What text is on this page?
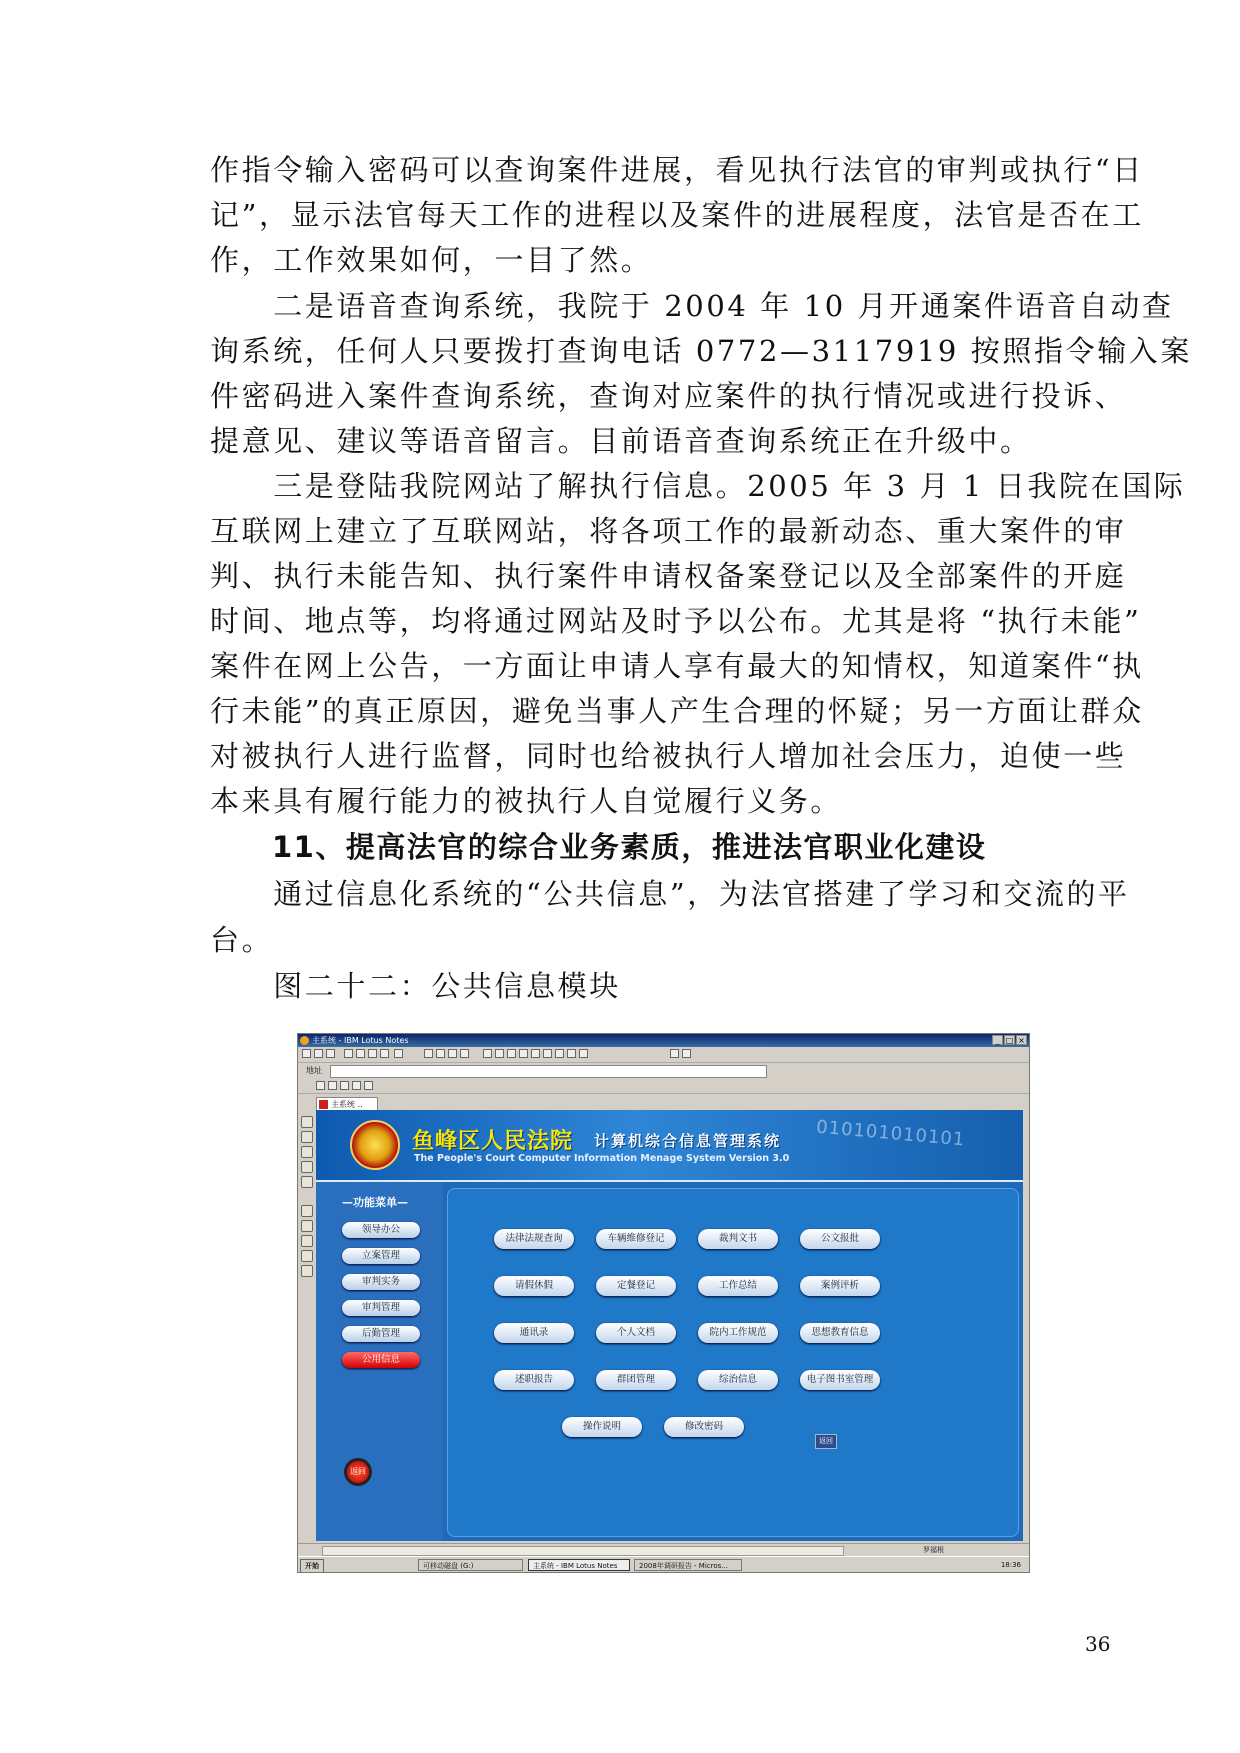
作指令输入密码可以查询案件进展，看见执行法官的审判或执行“日
记”，显示法官每天工作的进程以及案件的进展程度，法官是否在工
作，工作效果如何，一目了然。
　　二是语音查询系统，我院于 2004 年 10 月开通案件语音自动查
询系统，任何人只要拨打查询电话 0772—3117919 按照指令输入案
件密码进入案件查询系统，查询对应案件的执行情况或进行投诉、
提意见、建议等语音留言。目前语音查询系统正在升级中。
　　三是登陆我院网站了解执行信息。2005 年 3 月 1 日我院在国际
互联网上建立了互联网站，将各项工作的最新动态、重大案件的审
判、执行未能告知、执行案件申请权备案登记以及全部案件的开庭
时间、地点等，均将通过网站及时予以公布。尤其是将 “执行未能”
案件在网上公告，一方面让申请人享有最大的知情权，知道案件“执
行未能”的真正原因，避免当事人产生合理的怀疑；另一方面让群众
对被执行人进行监督，同时也给被执行人增加社会压力，迫使一些
本来具有履行能力的被执行人自觉履行义务。
11、提高法官的综合业务素质，推进法官职业化建设
　　通过信息化系统的“公共信息”，为法官搭建了学习和交流的平
台。
　　图二十二：公共信息模块
主系统 - IBM Lotus Notes	_ □ ×
地址
主系统 ..
鱼峰区人民法院 计算机综合信息管理系统
The People's Court Computer Information Menage System Version 3.0
010101010101
—功能菜单—
领导办公
立案管理
审判实务
审判管理
后勤管理
公用信息
返回
法律法规查询	车辆维修登记	裁判文书	公文报批
请假休假	定餐登记	工作总结	案例评析
通讯录	个人文档	院内工作规范	思想教育信息
述职报告	群团管理	综治信息	电子图书室管理
操作说明	修改密码
返回
罗福根
开始	可移动磁盘 (G:)	主系统 - IBM Lotus Notes	2008年调研报告 - Micros...	18:36
36
